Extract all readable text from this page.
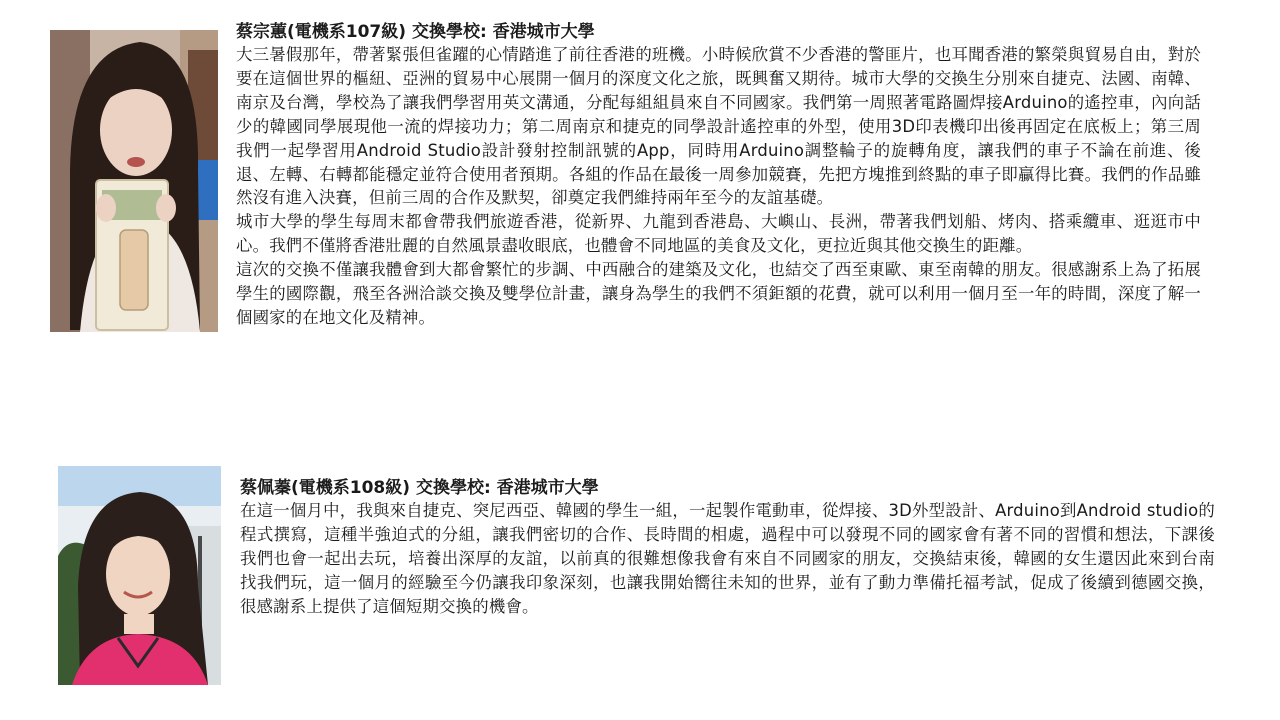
蔡宗蕙(電機系107級) 交換學校: 香港城市大學

大三暑假那年，帶著緊張但雀躍的心情踏進了前往香港的班機。小時候欣賞不少香港的警匪片，也耳聞香港的繁榮與貿易自由，對於要在這個世界的樞紐、亞洲的貿易中心展開一個月的深度文化之旅，既興奮又期待。城市大學的交換生分別來自捷克、法國、南韓、南京及台灣，學校為了讓我們學習用英文溝通，分配每組組員來自不同國家。我們第一周照著電路圖焊接Arduino的遙控車，內向話少的韓國同學展現他一流的焊接功力；第二周南京和捷克的同學設計遙控車的外型，使用3D印表機印出後再固定在底板上；第三周我們一起學習用Android Studio設計發射控制訊號的App，同時用Arduino調整輪子的旋轉角度，讓我們的車子不論在前進、後退、左轉、右轉都能穩定並符合使用者預期。各組的作品在最後一周參加競賽，先把方塊推到終點的車子即贏得比賽。我們的作品雖然沒有進入決賽，但前三周的合作及默契，卻奠定我們維持兩年至今的友誼基礎。

城市大學的學生每周末都會帶我們旅遊香港，從新界、九龍到香港島、大嶼山、長洲，帶著我們划船、烤肉、搭乘纜車、逛逛市中心。我們不僅將香港壯麗的自然風景盡收眼底，也體會不同地區的美食及文化，更拉近與其他交換生的距離。

這次的交換不僅讓我體會到大都會繁忙的步調、中西融合的建築及文化，也結交了西至東歐、東至南韓的朋友。很感謝系上為了拓展學生的國際觀，飛至各洲洽談交換及雙學位計畫，讓身為學生的我們不須鉅額的花費，就可以利用一個月至一年的時間，深度了解一個國家的在地文化及精神。

蔡佩蓁(電機系108級) 交換學校: 香港城市大學

在這一個月中，我與來自捷克、突尼西亞、韓國的學生一組，一起製作電動車，從焊接、3D外型設計、Arduino到Android studio的程式撰寫，這種半強迫式的分組，讓我們密切的合作、長時間的相處，過程中可以發現不同的國家會有著不同的習慣和想法，下課後我們也會一起出去玩，培養出深厚的友誼，以前真的很難想像我會有來自不同國家的朋友，交換結束後，韓國的女生還因此來到台南找我們玩，這一個月的經驗至今仍讓我印象深刻，也讓我開始嚮往未知的世界，並有了動力準備托福考試，促成了後續到德國交換，很感謝系上提供了這個短期交換的機會。
